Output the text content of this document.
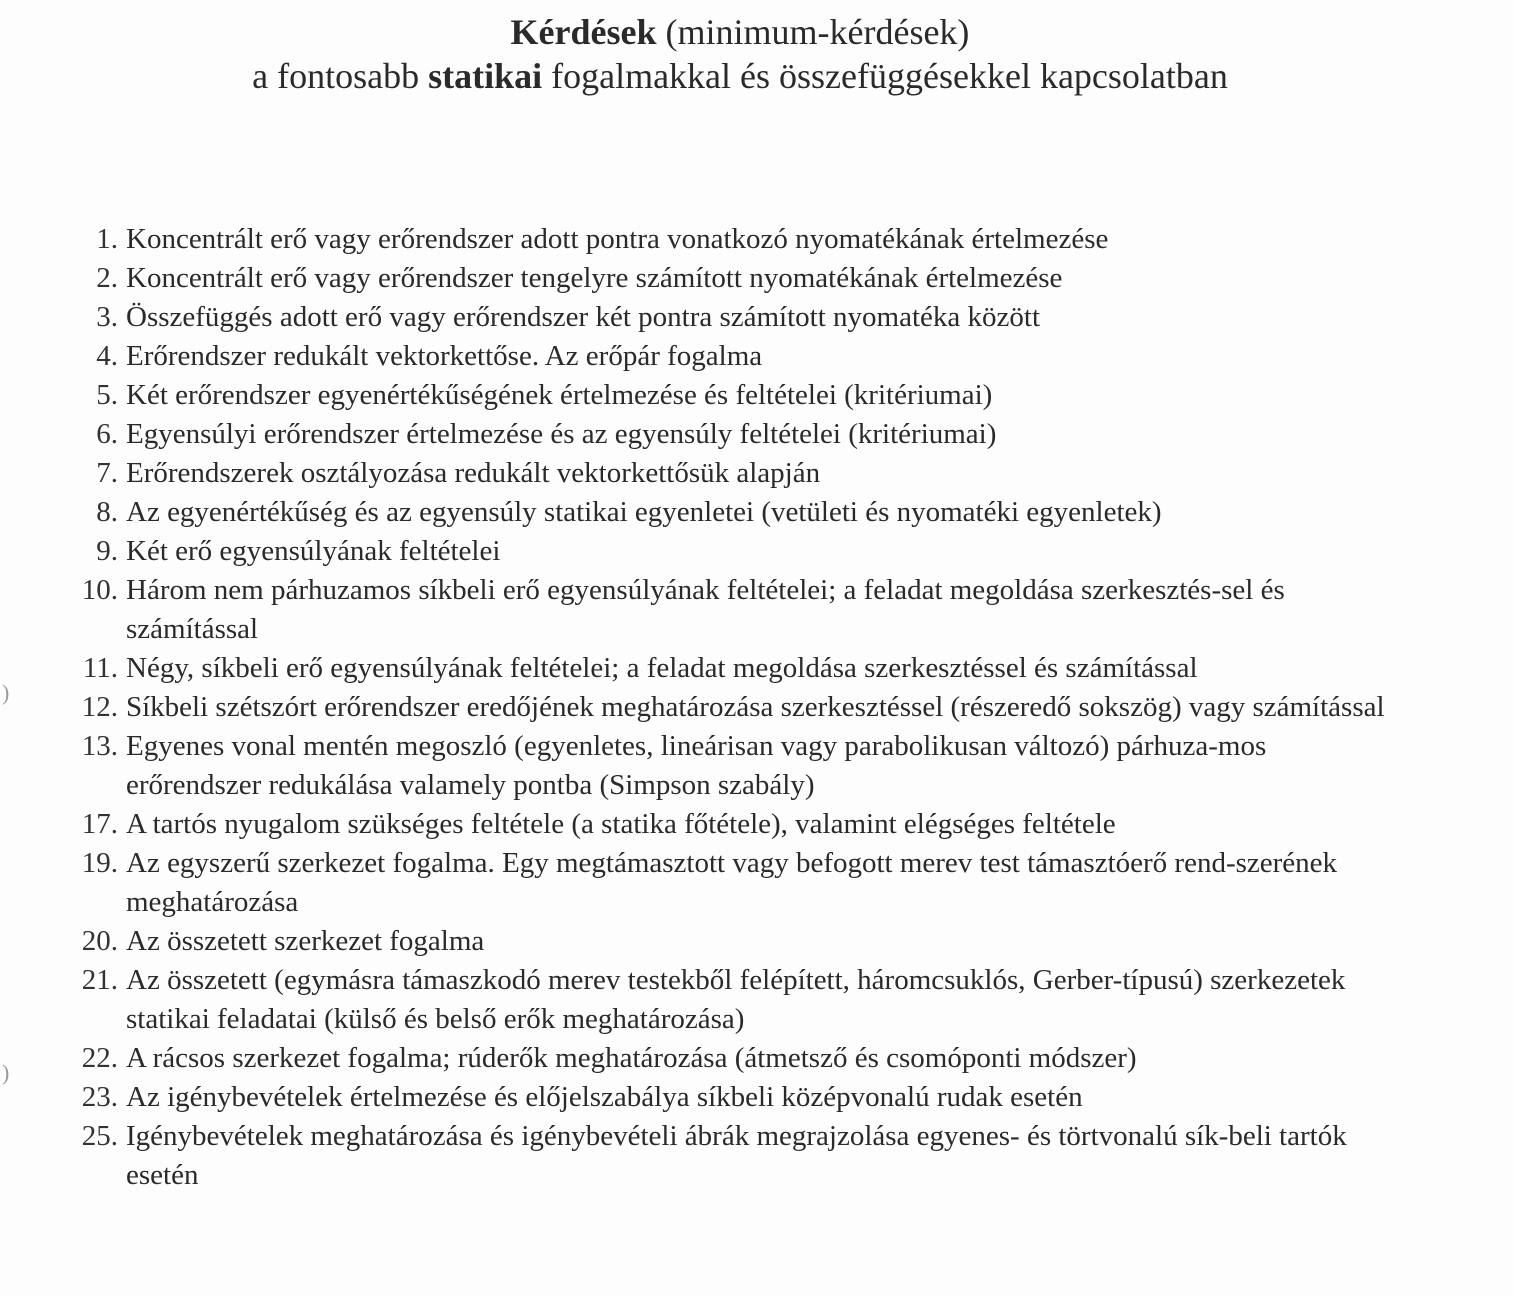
Kérdések (minimum-kérdések)
a fontosabb statikai fogalmakkal és összefüggésekkel kapcsolatban
1. Koncentrált erő vagy erőrendszer adott pontra vonatkozó nyomatékának értelmezése
2. Koncentrált erő vagy erőrendszer tengelyre számított nyomatékának értelmezése
3. Összefüggés adott erő vagy erőrendszer két pontra számított nyomatéka között
4. Erőrendszer redukált vektorkettőse. Az erőpár fogalma
5. Két erőrendszer egyenértékűségének értelmezése és feltételei (kritériumai)
6. Egyensúlyi erőrendszer értelmezése és az egyensúly feltételei (kritériumai)
7. Erőrendszerek osztályozása redukált vektorkettősük alapján
8. Az egyenértékűség és az egyensúly statikai egyenletei (vetületi és nyomatéki egyenletek)
9. Két erő egyensúlyának feltételei
10. Három nem párhuzamos síkbeli erő egyensúlyának feltételei; a feladat megoldása szerkesztés-sel és számítással
11. Négy, síkbeli erő egyensúlyának feltételei; a feladat megoldása szerkesztéssel és számítással
12. Síkbeli szétszórt erőrendszer eredőjének meghatározása szerkesztéssel (részeredő sokszög) vagy számítással
13. Egyenes vonal mentén megoszló (egyenletes, lineárisan vagy parabolikusan változó) párhuza-mos erőrendszer redukálása valamely pontba (Simpson szabály)
17. A tartós nyugalom szükséges feltétele (a statika főtétele), valamint elégséges feltétele
19. Az egyszerű szerkezet fogalma. Egy megtámasztott vagy befogott merev test támasztóerő rend-szerének meghatározása
20. Az összetett szerkezet fogalma
21. Az összetett (egymásra támaszkodó merev testekből felépített, háromcsuklós, Gerber-típusú) szerkezetek statikai feladatai (külső és belső erők meghatározása)
22. A rácsos szerkezet fogalma; rúderők meghatározása (átmetsző és csomóponti módszer)
23. Az igénybevételek értelmezése és előjelszabálya síkbeli középvonalú rudak esetén
25. Igénybevételek meghatározása és igénybevételi ábrák megrajzolása egyenes- és törtvonalú sík-beli tartók esetén
)
)
